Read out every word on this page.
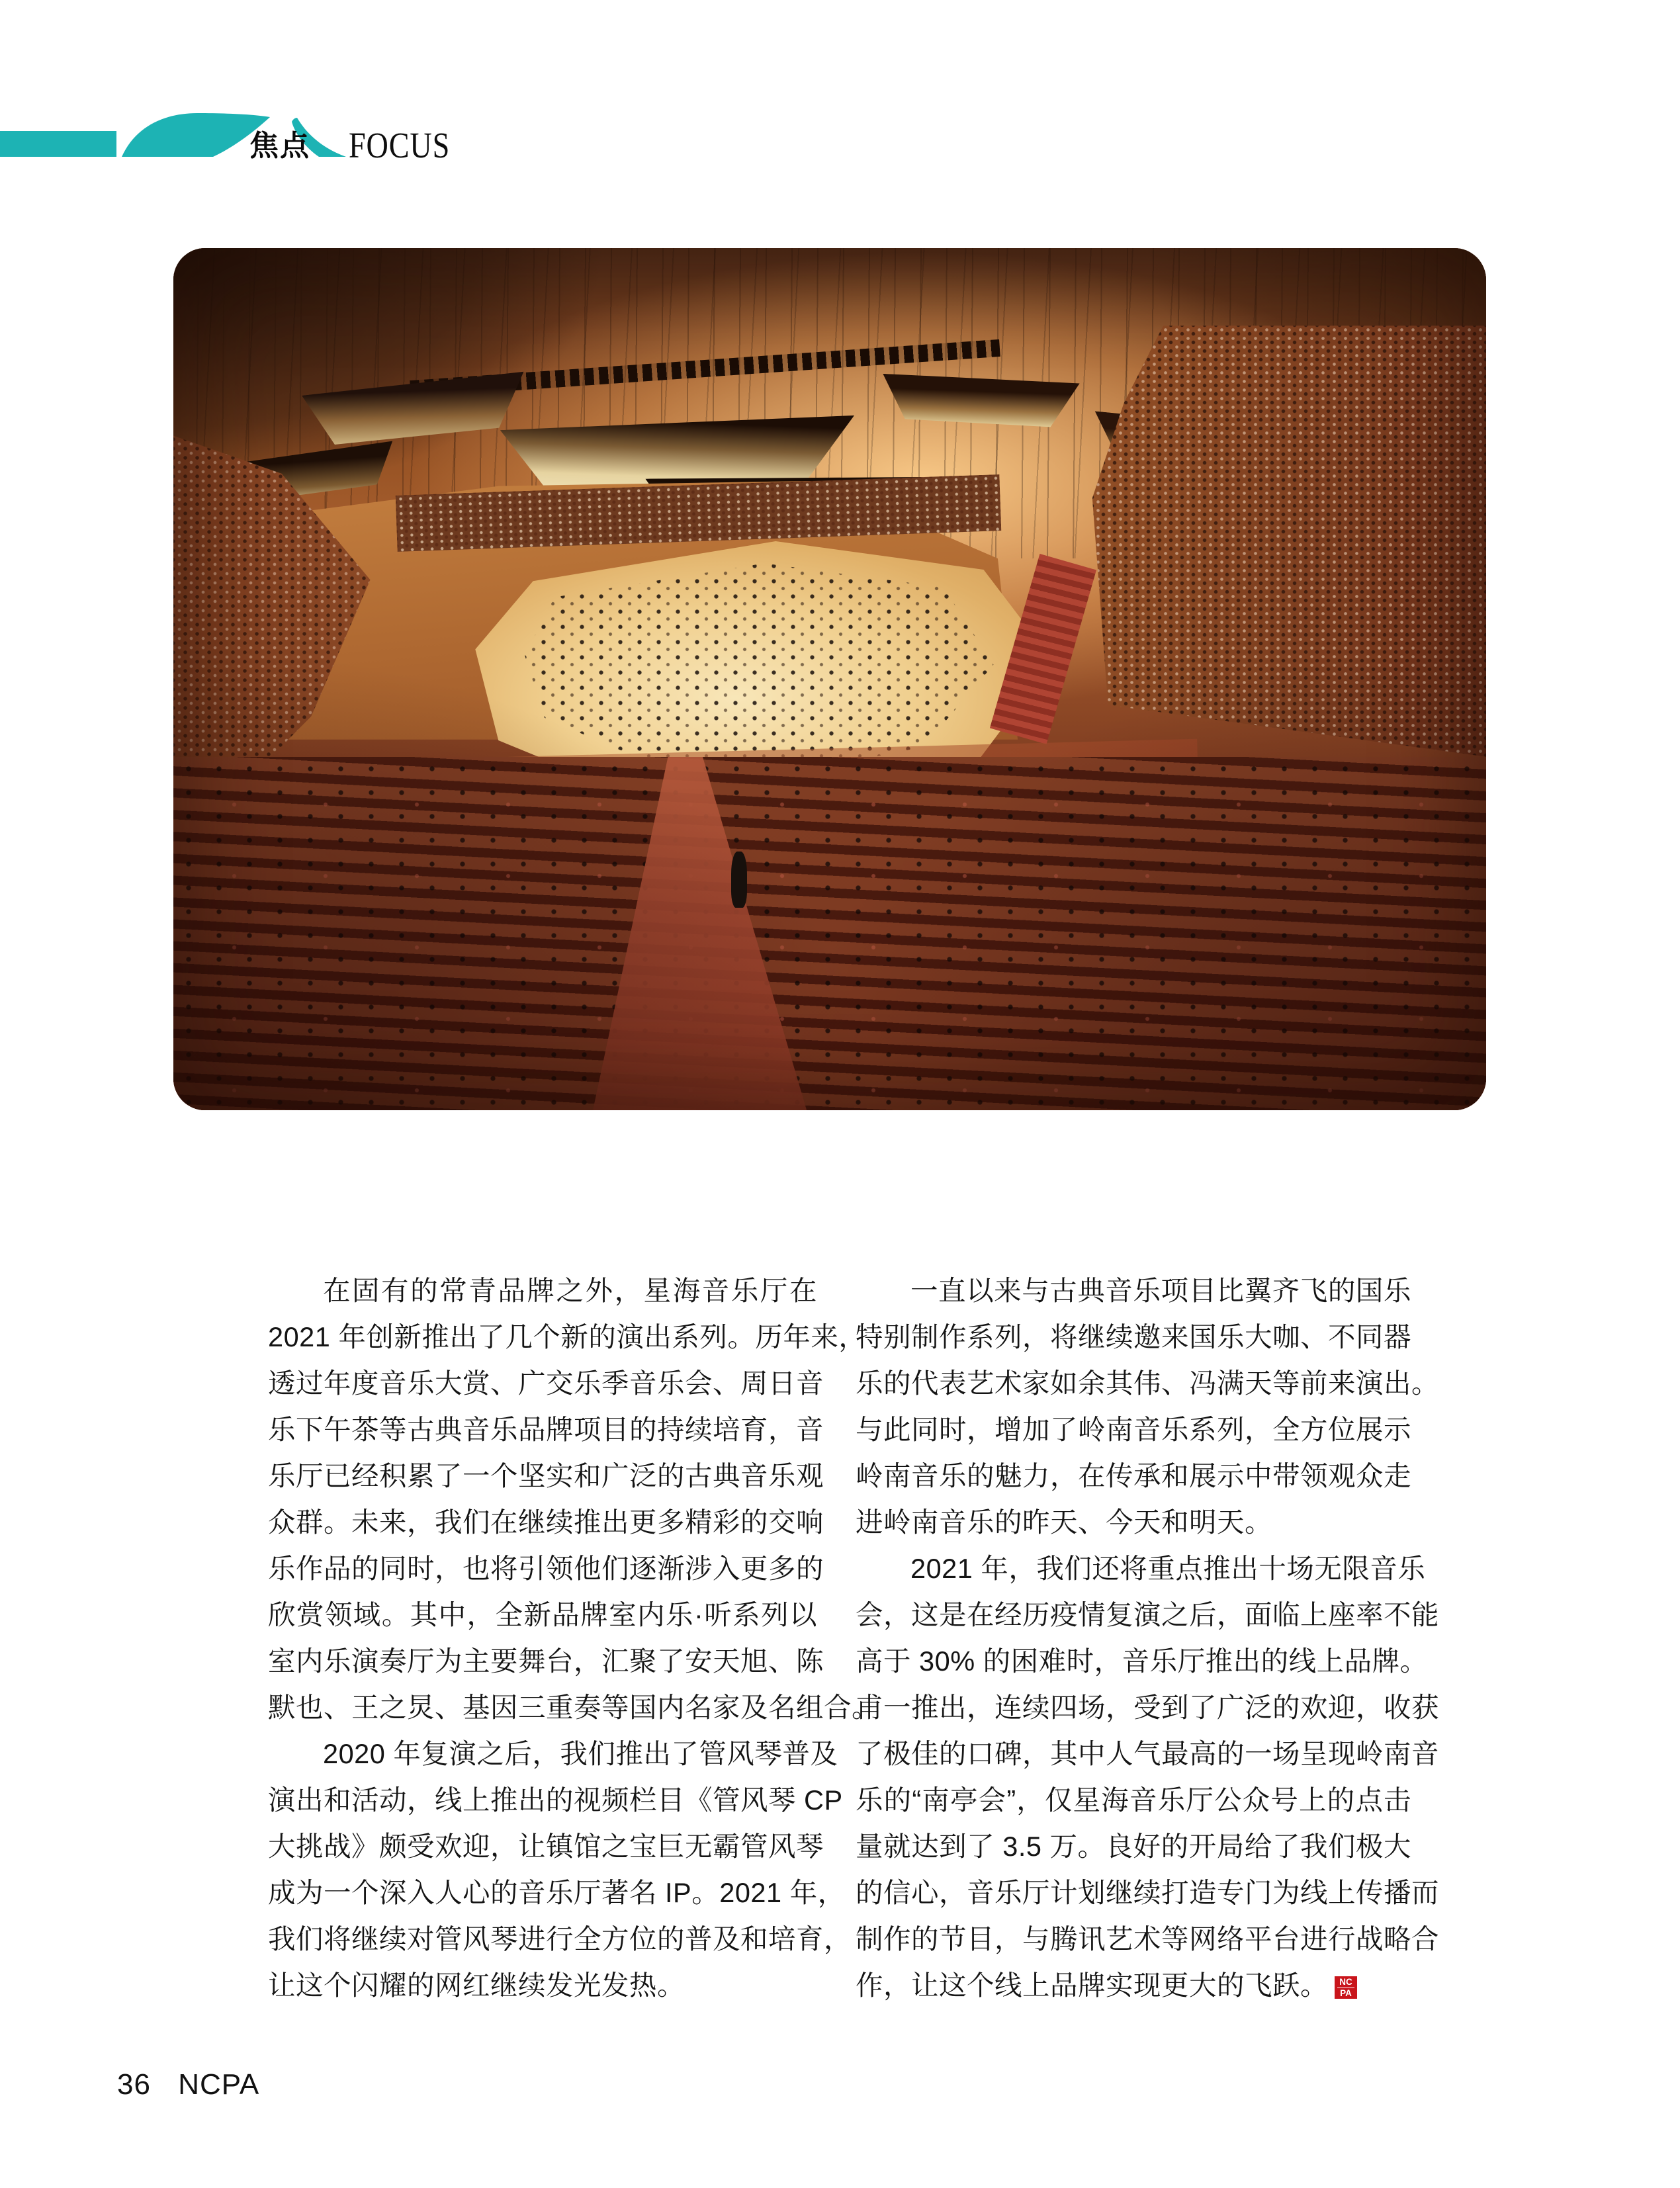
焦点 FOCUS
在固有的常青品牌之外，星海音乐厅在
2021 年创新推出了几个新的演出系列。历年来，
透过年度音乐大赏、广交乐季音乐会、周日音
乐下午茶等古典音乐品牌项目的持续培育，音
乐厅已经积累了一个坚实和广泛的古典音乐观
众群。未来，我们在继续推出更多精彩的交响
乐作品的同时，也将引领他们逐渐涉入更多的
欣赏领域。其中，全新品牌室内乐·听系列以
室内乐演奏厅为主要舞台，汇聚了安天旭、陈
默也、王之炅、基因三重奏等国内名家及名组合。
2020 年复演之后，我们推出了管风琴普及
演出和活动，线上推出的视频栏目《管风琴 CP
大挑战》颇受欢迎，让镇馆之宝巨无霸管风琴
成为一个深入人心的音乐厅著名 IP。2021 年，
我们将继续对管风琴进行全方位的普及和培育，
让这个闪耀的网红继续发光发热。
一直以来与古典音乐项目比翼齐飞的国乐
特别制作系列，将继续邀来国乐大咖、不同器
乐的代表艺术家如余其伟、冯满天等前来演出。
与此同时，增加了岭南音乐系列，全方位展示
岭南音乐的魅力，在传承和展示中带领观众走
进岭南音乐的昨天、今天和明天。
2021 年，我们还将重点推出十场无限音乐
会，这是在经历疫情复演之后，面临上座率不能
高于 30% 的困难时，音乐厅推出的线上品牌。
甫一推出，连续四场，受到了广泛的欢迎，收获
了极佳的口碑，其中人气最高的一场呈现岭南音
乐的“南亭会”，仅星海音乐厅公众号上的点击
量就达到了 3.5 万。良好的开局给了我们极大
的信心，音乐厅计划继续打造专门为线上传播而
制作的节目，与腾讯艺术等网络平台进行战略合
作，让这个线上品牌实现更大的飞跃。 $\frac{NC}{PA}$
36 NCPA
